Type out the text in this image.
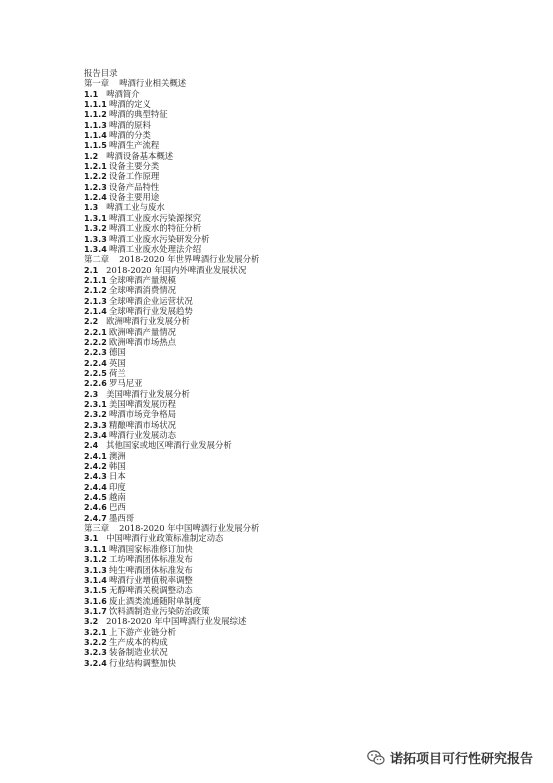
报告目录
第一章 啤酒行业相关概述
1.1 啤酒简介
1.1.1 啤酒的定义
1.1.2 啤酒的典型特征
1.1.3 啤酒的原料
1.1.4 啤酒的分类
1.1.5 啤酒生产流程
1.2 啤酒设备基本概述
1.2.1 设备主要分类
1.2.2 设备工作原理
1.2.3 设备产品特性
1.2.4 设备主要用途
1.3 啤酒工业与废水
1.3.1 啤酒工业废水污染源探究
1.3.2 啤酒工业废水的特征分析
1.3.3 啤酒工业废水污染研发分析
1.3.4 啤酒工业废水处理法介绍
第二章 2018-2020 年世界啤酒行业发展分析
2.1 2018-2020 年国内外啤酒业发展状况
2.1.1 全球啤酒产量规模
2.1.2 全球啤酒消费情况
2.1.3 全球啤酒企业运营状况
2.1.4 全球啤酒行业发展趋势
2.2 欧洲啤酒行业发展分析
2.2.1 欧洲啤酒产量情况
2.2.2 欧洲啤酒市场热点
2.2.3 德国
2.2.4 英国
2.2.5 荷兰
2.2.6 罗马尼亚
2.3 美国啤酒行业发展分析
2.3.1 美国啤酒发展历程
2.3.2 啤酒市场竞争格局
2.3.3 精酿啤酒市场状况
2.3.4 啤酒行业发展动态
2.4 其他国家或地区啤酒行业发展分析
2.4.1 澳洲
2.4.2 韩国
2.4.3 日本
2.4.4 印度
2.4.5 越南
2.4.6 巴西
2.4.7 墨西哥
第三章 2018-2020 年中国啤酒行业发展分析
3.1 中国啤酒行业政策标准制定动态
3.1.1 啤酒国家标准修订加快
3.1.2 工坊啤酒团体标准发布
3.1.3 纯生啤酒团体标准发布
3.1.4 啤酒行业增值税率调整
3.1.5 无醇啤酒关税调整动态
3.1.6 废止酒类流通随附单制度
3.1.7 饮料酒制造业污染防治政策
3.2 2018-2020 年中国啤酒行业发展综述
3.2.1 上下游产业链分析
3.2.2 生产成本的构成
3.2.3 装备制造业状况
3.2.4 行业结构调整加快
诺拓项目可行性研究报告
